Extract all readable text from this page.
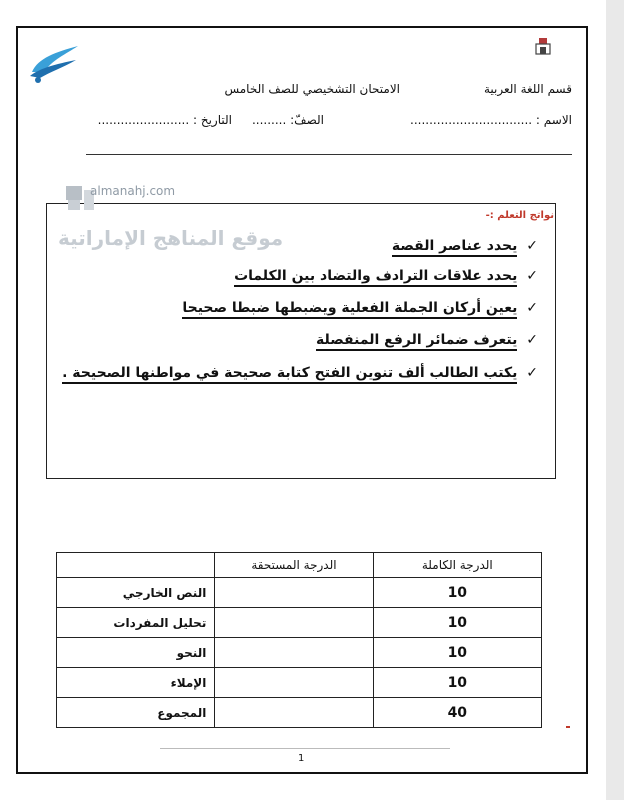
قسم اللغة العربية
الامتحان التشخيصي للصف الخامس
الاسم : ................................
الصفّ: .........
التاريخ : ........................
almanahj.com
موقع المناهج الإماراتية
نواتج التعلم :-
✓ يحدد عناصر القصة
✓ يحدد علاقات الترادف والتضاد بين الكلمات
✓ يعين أركان الجملة الفعلية ويضبطها ضبطا صحيحا
✓ يتعرف ضمائر الرفع المنفصلة
✓ يكتب الطالب ألف تنوين الفتح كتابة صحيحة في مواطنها الصحيحة .
الدرجة الكاملة	الدرجة المستحقة	
10		النص الخارجي
10		تحليل المفردات
10		النحو
10		الإملاء
40		المجموع
1
